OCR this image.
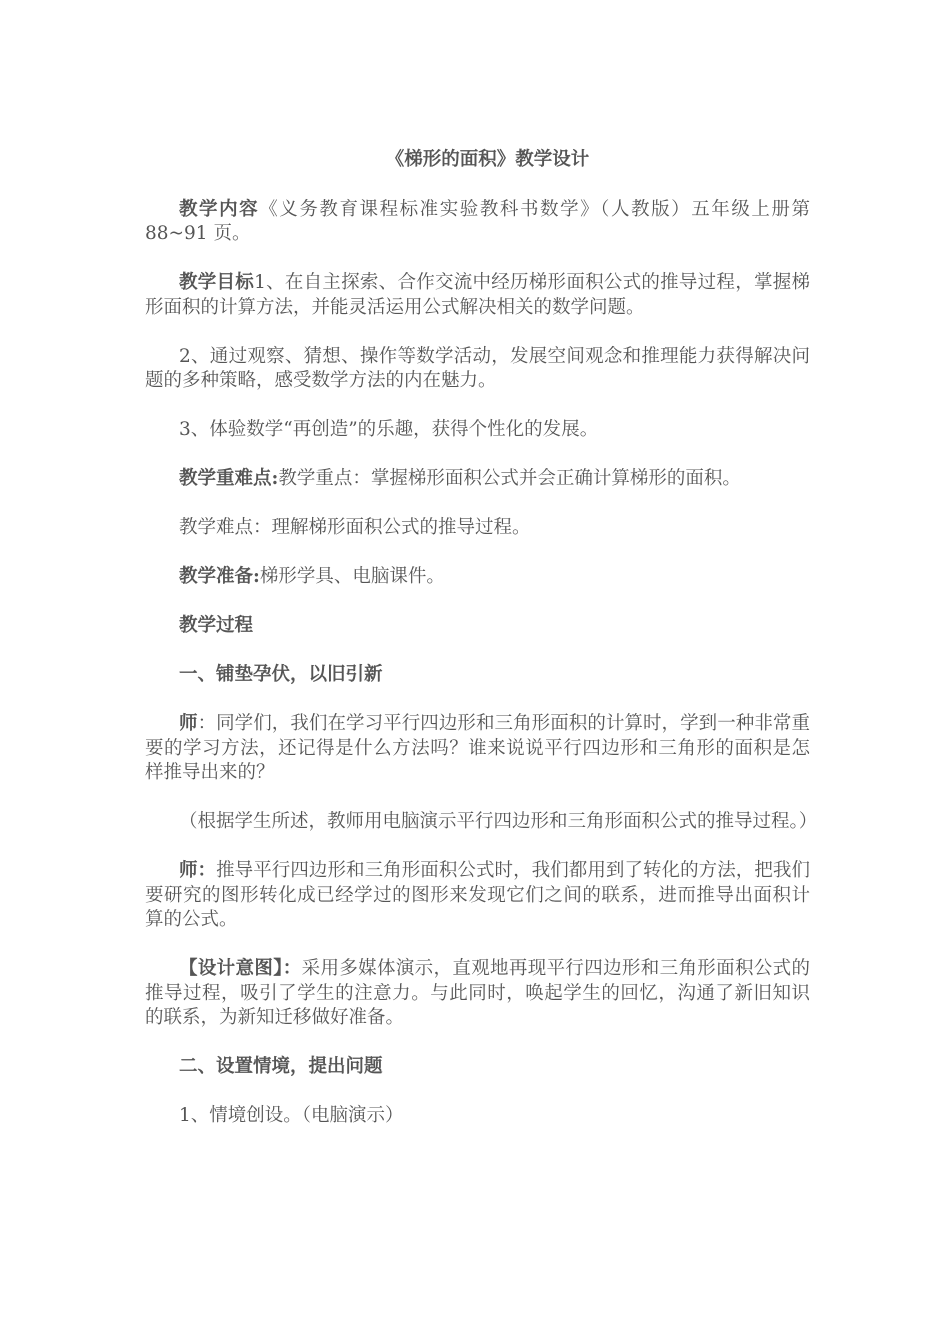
《梯形的面积》教学设计

教学内容《义务教育课程标准实验教科书数学》（人教版）五年级上册第 88~91 页。

教学目标1、在自主探索、合作交流中经历梯形面积公式的推导过程，掌握梯形面积的计算方法，并能灵活运用公式解决相关的数学问题。

2、通过观察、猜想、操作等数学活动，发展空间观念和推理能力获得解决问题的多种策略，感受数学方法的内在魅力。

3、体验数学“再创造”的乐趣，获得个性化的发展。

教学重难点:教学重点：掌握梯形面积公式并会正确计算梯形的面积。

教学难点：理解梯形面积公式的推导过程。

教学准备:梯形学具、电脑课件。

教学过程

一、铺垫孕伏，以旧引新

师：同学们，我们在学习平行四边形和三角形面积的计算时，学到一种非常重要的学习方法，还记得是什么方法吗？谁来说说平行四边形和三角形的面积是怎样推导出来的？

（根据学生所述，教师用电脑演示平行四边形和三角形面积公式的推导过程。）

师：推导平行四边形和三角形面积公式时，我们都用到了转化的方法，把我们要研究的图形转化成已经学过的图形来发现它们之间的联系，进而推导出面积计算的公式。

【设计意图】：采用多媒体演示，直观地再现平行四边形和三角形面积公式的推导过程，吸引了学生的注意力。与此同时，唤起学生的回忆，沟通了新旧知识的联系，为新知迁移做好准备。

二、设置情境，提出问题

1、情境创设。（电脑演示）
